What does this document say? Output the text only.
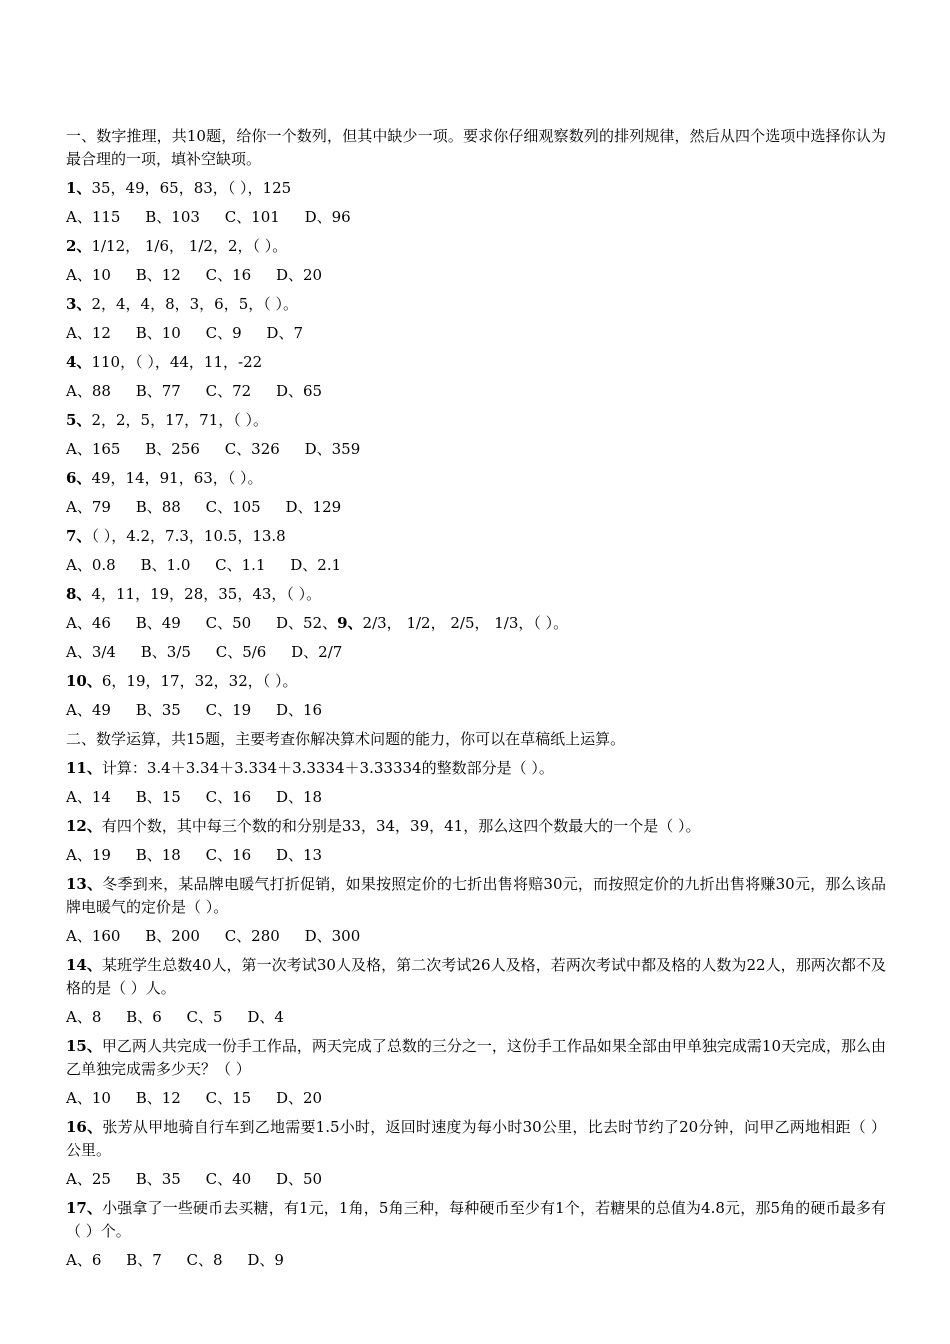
一、数字推理，共10题，给你一个数列，但其中缺少一项。要求你仔细观察数列的排列规律，然后从四个选项中选择你认为最合理的一项，填补空缺项。
1、35，49，65，83，（ ），125
A、115 B、103 C、101 D、96
2、1/12， 1/6， 1/2，2，（ ）。
A、10 B、12 C、16 D、20
3、2，4，4，8，3，6，5，（ ）。
A、12 B、10 C、9 D、7
4、110，（ ），44，11，-22
A、88 B、77 C、72 D、65
5、2，2，5，17，71，（ ）。
A、165 B、256 C、326 D、359
6、49，14，91，63，（ ）。
A、79 B、88 C、105 D、129
7、（ ），4.2，7.3，10.5，13.8
A、0.8 B、1.0 C、1.1 D、2.1
8、4，11，19，28，35，43，（ ）。
A、46 B、49 C、50 D、52、9、2/3， 1/2， 2/5， 1/3，（ ）。
A、3/4 B、3/5 C、5/6 D、2/7
10、6，19，17，32，32，（ ）。
A、49 B、35 C、19 D、16
二、数学运算，共15题，主要考查你解决算术问题的能力，你可以在草稿纸上运算。
11、计算：3.4＋3.34＋3.334＋3.3334＋3.33334的整数部分是（ ）。
A、14 B、15 C、16 D、18
12、有四个数，其中每三个数的和分别是33，34，39，41，那么这四个数最大的一个是（ ）。
A、19 B、18 C、16 D、13
13、冬季到来，某品牌电暖气打折促销，如果按照定价的七折出售将赔30元，而按照定价的九折出售将赚30元，那么该品牌电暖气的定价是（ ）。
A、160 B、200 C、280 D、300
14、某班学生总数40人，第一次考试30人及格，第二次考试26人及格，若两次考试中都及格的人数为22人，那两次都不及格的是（ ）人。
A、8 B、6 C、5 D、4
15、甲乙两人共完成一份手工作品，两天完成了总数的三分之一，这份手工作品如果全部由甲单独完成需10天完成，那么由乙单独完成需多少天？（ ）
A、10 B、12 C、15 D、20
16、张芳从甲地骑自行车到乙地需要1.5小时，返回时速度为每小时30公里，比去时节约了20分钟，问甲乙两地相距（ ）公里。
A、25 B、35 C、40 D、50
17、小强拿了一些硬币去买糖，有1元，1角，5角三种，每种硬币至少有1个，若糖果的总值为4.8元，那5角的硬币最多有（ ）个。
A、6 B、7 C、8 D、9
